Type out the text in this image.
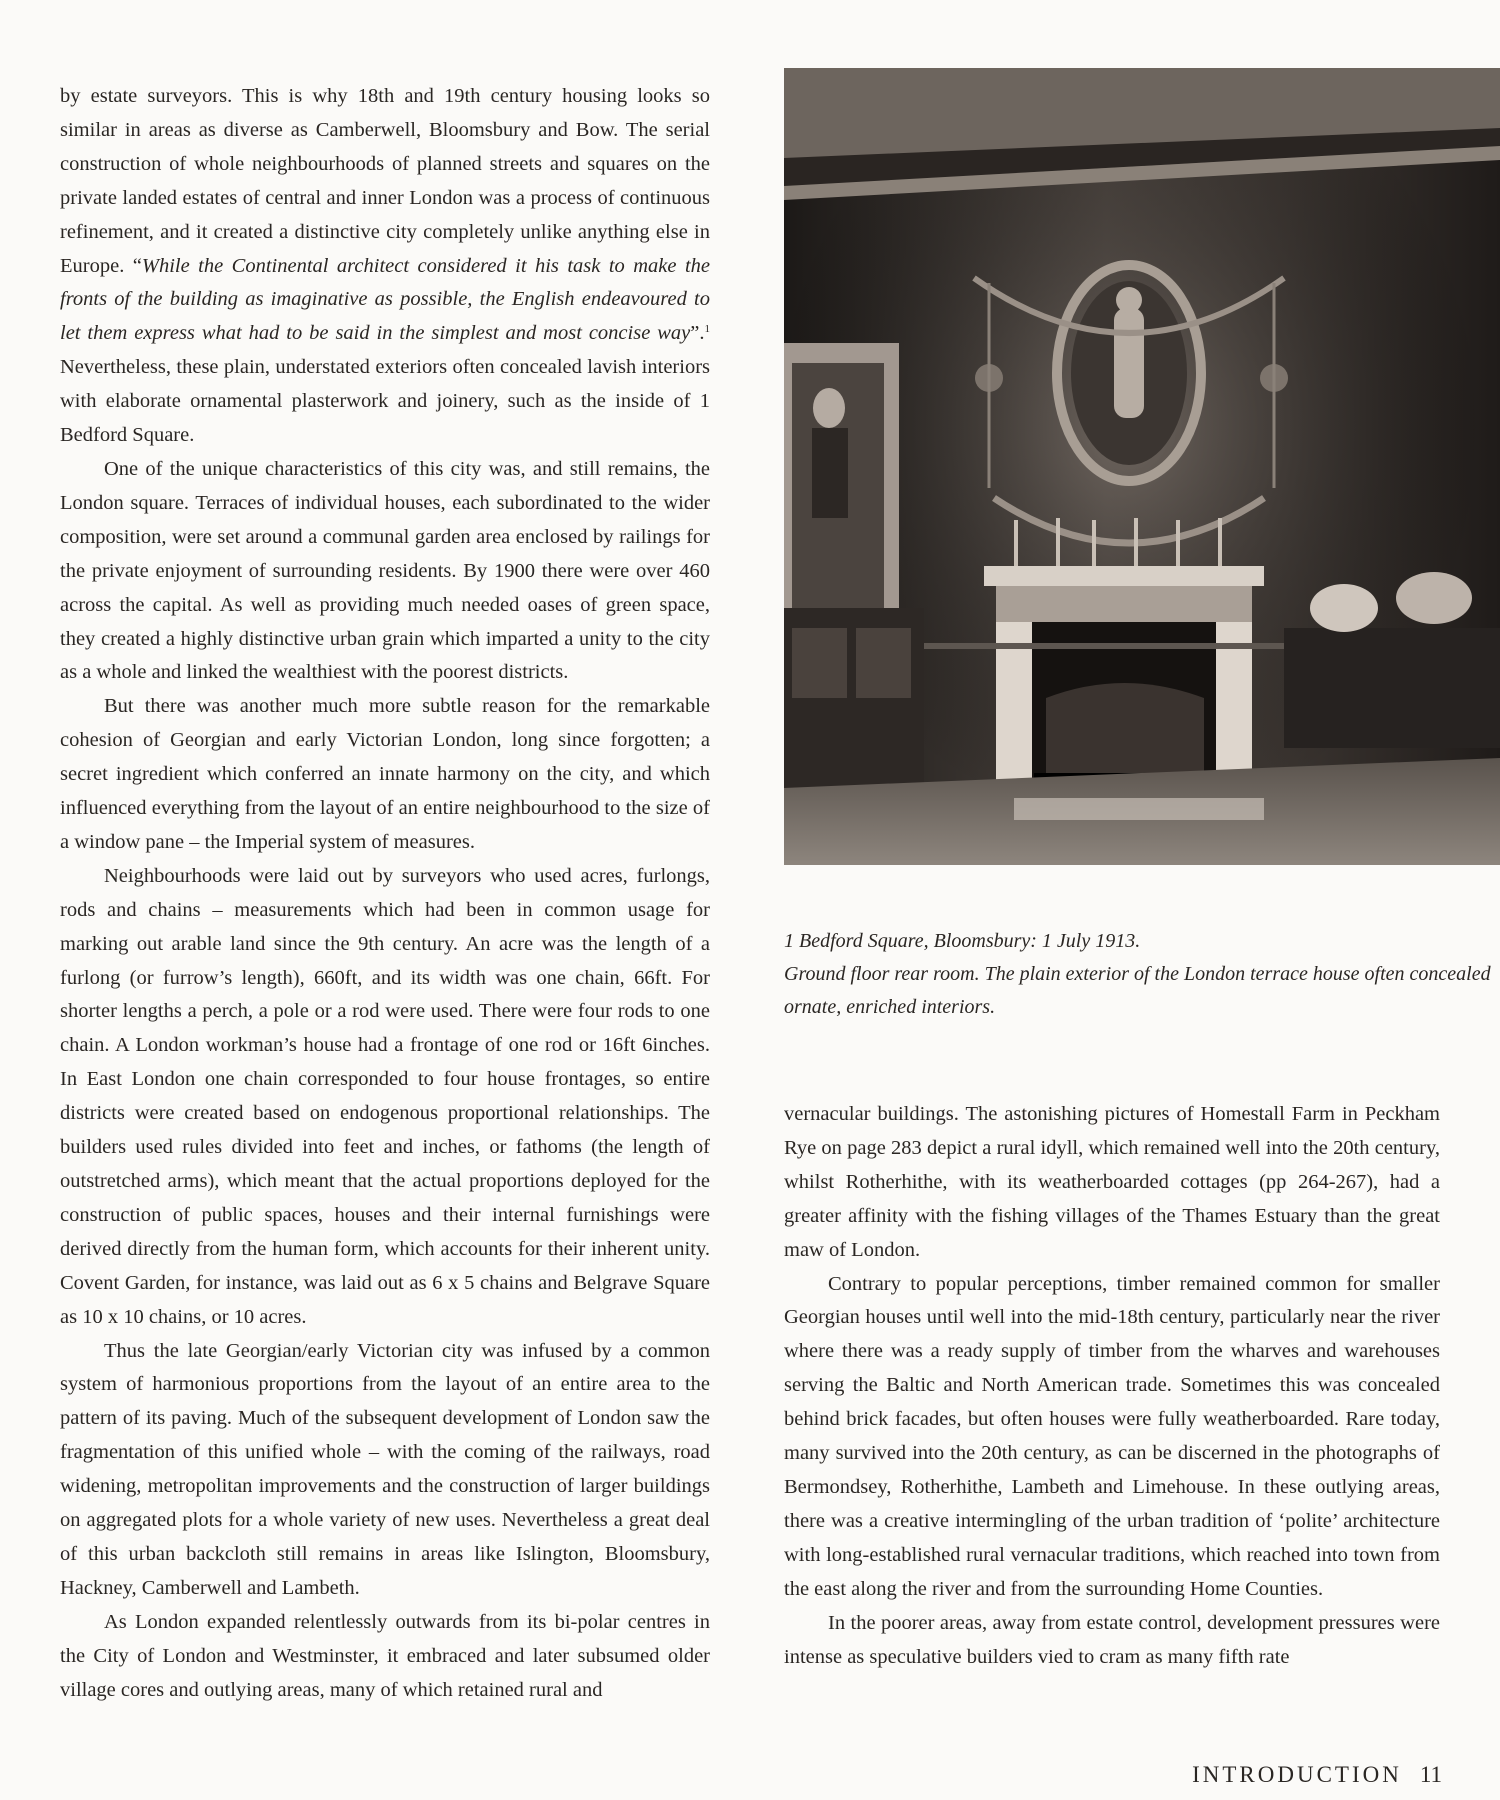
by estate surveyors. This is why 18th and 19th century housing looks so similar in areas as diverse as Camberwell, Bloomsbury and Bow. The serial construction of whole neighbourhoods of planned streets and squares on the private landed estates of central and inner London was a process of continuous refinement, and it created a distinctive city completely unlike anything else in Europe. “While the Continental architect considered it his task to make the fronts of the building as imaginative as possible, the English endeavoured to let them express what had to be said in the simplest and most concise way”.$^1$ Nevertheless, these plain, understated exteriors often concealed lavish interiors with elaborate ornamental plasterwork and joinery, such as the inside of 1 Bedford Square.

One of the unique characteristics of this city was, and still remains, the London square. Terraces of individual houses, each subordinated to the wider composition, were set around a communal garden area enclosed by railings for the private enjoyment of surrounding residents. By 1900 there were over 460 across the capital. As well as providing much needed oases of green space, they created a highly distinctive urban grain which imparted a unity to the city as a whole and linked the wealthiest with the poorest districts.

But there was another much more subtle reason for the remarkable cohesion of Georgian and early Victorian London, long since forgotten; a secret ingredient which conferred an innate harmony on the city, and which influenced everything from the layout of an entire neighbourhood to the size of a window pane – the Imperial system of measures.

Neighbourhoods were laid out by surveyors who used acres, furlongs, rods and chains – measurements which had been in common usage for marking out arable land since the 9th century. An acre was the length of a furlong (or furrow’s length), 660ft, and its width was one chain, 66ft. For shorter lengths a perch, a pole or a rod were used. There were four rods to one chain. A London workman’s house had a frontage of one rod or 16ft 6inches. In East London one chain corresponded to four house frontages, so entire districts were created based on endogenous proportional relationships. The builders used rules divided into feet and inches, or fathoms (the length of outstretched arms), which meant that the actual proportions deployed for the construction of public spaces, houses and their internal furnishings were derived directly from the human form, which accounts for their inherent unity. Covent Garden, for instance, was laid out as 6 x 5 chains and Belgrave Square as 10 x 10 chains, or 10 acres.

Thus the late Georgian/early Victorian city was infused by a common system of harmonious proportions from the layout of an entire area to the pattern of its paving. Much of the subsequent development of London saw the fragmentation of this unified whole – with the coming of the railways, road widening, metropolitan improvements and the construction of larger buildings on aggregated plots for a whole variety of new uses. Nevertheless a great deal of this urban backcloth still remains in areas like Islington, Bloomsbury, Hackney, Camberwell and Lambeth.

As London expanded relentlessly outwards from its bi-polar centres in the City of London and Westminster, it embraced and later subsumed older village cores and outlying areas, many of which retained rural and

1 Bedford Square, Bloomsbury: 1 July 1913.
Ground floor rear room. The plain exterior of the London terrace house often concealed ornate, enriched interiors.

vernacular buildings. The astonishing pictures of Homestall Farm in Peckham Rye on page 283 depict a rural idyll, which remained well into the 20th century, whilst Rotherhithe, with its weatherboarded cottages (pp 264-267), had a greater affinity with the fishing villages of the Thames Estuary than the great maw of London.

Contrary to popular perceptions, timber remained common for smaller Georgian houses until well into the mid-18th century, particularly near the river where there was a ready supply of timber from the wharves and warehouses serving the Baltic and North American trade. Sometimes this was concealed behind brick facades, but often houses were fully weatherboarded. Rare today, many survived into the 20th century, as can be discerned in the photographs of Bermondsey, Rotherhithe, Lambeth and Limehouse. In these outlying areas, there was a creative intermingling of the urban tradition of ‘polite’ architecture with long-established rural vernacular traditions, which reached into town from the east along the river and from the surrounding Home Counties.

In the poorer areas, away from estate control, development pressures were intense as speculative builders vied to cram as many fifth rate

INTRODUCTION 11
